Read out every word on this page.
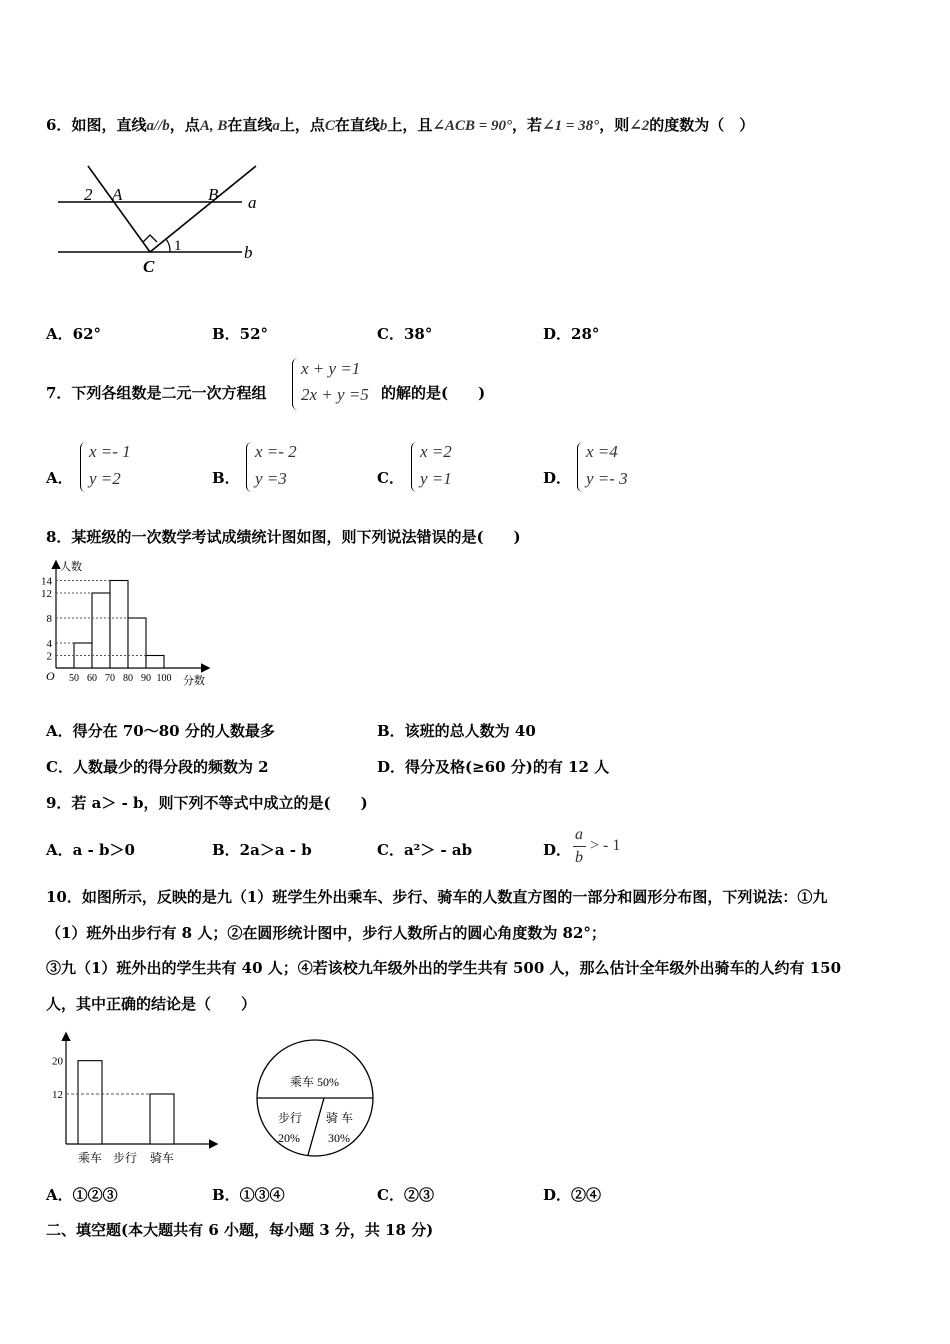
6．如图，直线a//b，点A, B在直线a上，点C在直线b上，且∠ACB = 90°，若∠1 = 38°，则∠2的度数为（　）
2 A	B a
1	b
C
A．62°	B．52°	C．38°	D．28°
7．下列各组数是二元一次方程组
x + y =1
2x + y =5 的解的是(　　)
A．
x =- 1
y =2	B．
x =- 2
y =3	C．
x =2
y =1	D．
x =4
y =- 3
8．某班级的一次数学考试成绩统计图如图，则下列说法错误的是(　　)
人数
分数
O
2
4
8
12
14
50 60 70 80 90 100
A．得分在 70～80 分的人数最多	B．该班的总人数为 40
C．人数最少的得分段的频数为 2	D．得分及格(≥60 分)的有 12 人
9．若 a＞ - b，则下列不等式中成立的是(　　)
A．a - b＞0	B．2a＞a - b	C．a²＞ - ab	D．
a
b
> - 1
10．如图所示，反映的是九（1）班学生外出乘车、步行、骑车的人数直方图的一部分和圆形分布图，下列说法：①九
（1）班外出步行有 8 人；②在圆形统计图中，步行人数所占的圆心角度数为 82°；
③九（1）班外出的学生共有 40 人；④若该校九年级外出的学生共有 500 人，那么估计全年级外出骑车的人约有 150
人，其中正确的结论是（　　）
12
20
乘车 步行 骑车
乘车 50%
步行
20%
骑 车
30%
A．①②③	B．①③④	C．②③	D．②④
二、填空题(本大题共有 6 小题，每小题 3 分，共 18 分)
